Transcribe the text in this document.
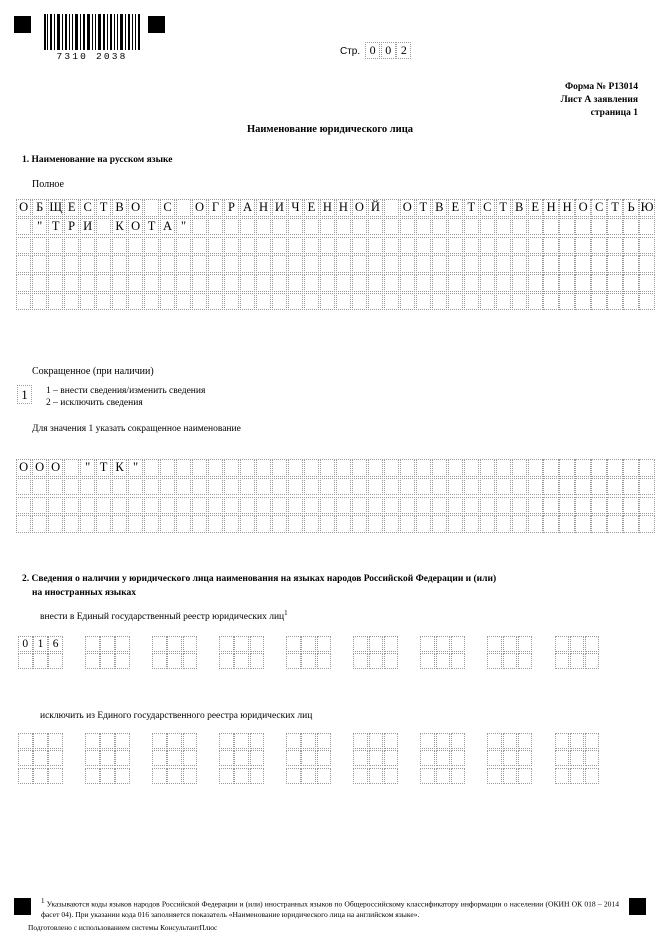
7310 2038	Стр. 0 0 2
Форма № Р13014
Лист А заявления
страница 1
Наименование юридического лица
1. Наименование на русском языке
Полное
О Б Щ Е С Т В О С О Г Р А Н И Ч Е Н Н О Й О Т В Е Т С Т В Е Н Н О С Т Ь Ю
" Т Р И К О Т А "
Сокращенное (при наличии)
1	1 – внести сведения/изменить сведения
2 – исключить сведения
Для значения 1 указать сокращенное наименование
О О О	" Т К "
2. Сведения о наличии у юридического лица наименования на языках народов Российской Федерации и (или)
на иностранных языках
внести в Единый государственный реестр юридических лиц$^1$
0 1 6
исключить из Единого государственного реестра юридических лиц
$^1$ Указываются коды языков народов Российской Федерации и (или) иностранных языков по Общероссийскому классификатору информации о населении (ОКИН ОК 018 – 2014 фасет 04). При указании кода 016 заполняется показатель «Наименование юридического лица на английском языке».
Подготовлено с использованием системы КонсультантПлюс
